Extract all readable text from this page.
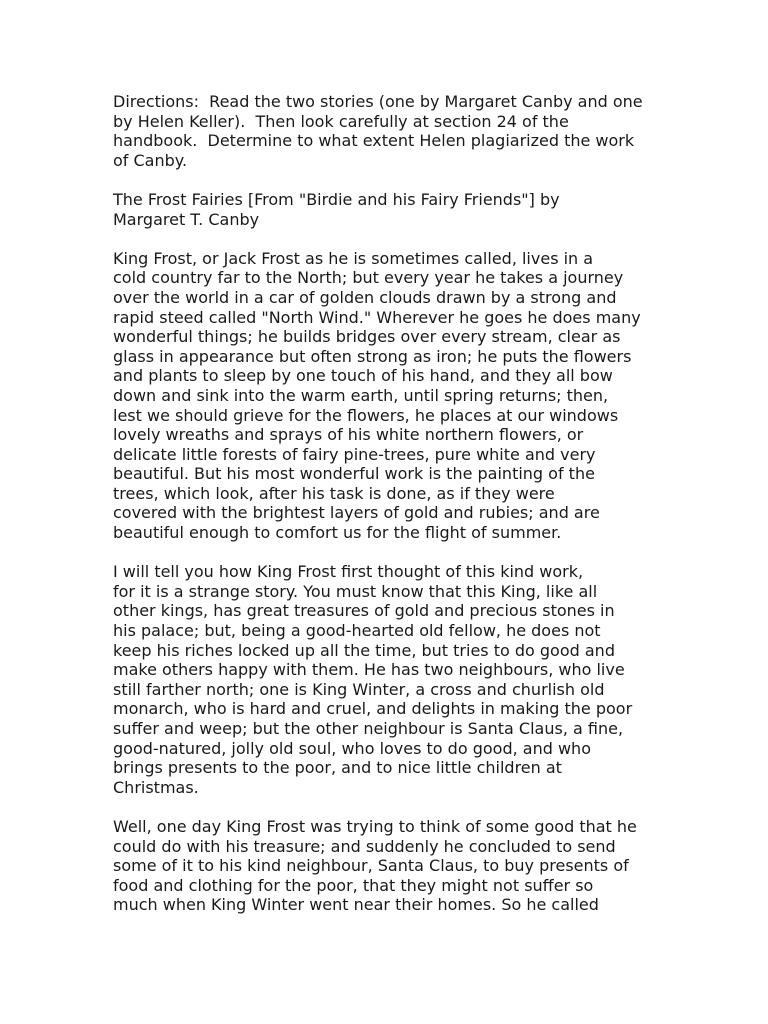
Directions:  Read the two stories (one by Margaret Canby and one
by Helen Keller).  Then look carefully at section 24 of the
handbook.  Determine to what extent Helen plagiarized the work
of Canby.

The Frost Fairies [From "Birdie and his Fairy Friends"] by
Margaret T. Canby

King Frost, or Jack Frost as he is sometimes called, lives in a
cold country far to the North; but every year he takes a journey
over the world in a car of golden clouds drawn by a strong and
rapid steed called "North Wind." Wherever he goes he does many
wonderful things; he builds bridges over every stream, clear as
glass in appearance but often strong as iron; he puts the flowers
and plants to sleep by one touch of his hand, and they all bow
down and sink into the warm earth, until spring returns; then,
lest we should grieve for the flowers, he places at our windows
lovely wreaths and sprays of his white northern flowers, or
delicate little forests of fairy pine-trees, pure white and very
beautiful. But his most wonderful work is the painting of the
trees, which look, after his task is done, as if they were
covered with the brightest layers of gold and rubies; and are
beautiful enough to comfort us for the flight of summer.

I will tell you how King Frost first thought of this kind work,
for it is a strange story. You must know that this King, like all
other kings, has great treasures of gold and precious stones in
his palace; but, being a good-hearted old fellow, he does not
keep his riches locked up all the time, but tries to do good and
make others happy with them. He has two neighbours, who live
still farther north; one is King Winter, a cross and churlish old
monarch, who is hard and cruel, and delights in making the poor
suffer and weep; but the other neighbour is Santa Claus, a fine,
good-natured, jolly old soul, who loves to do good, and who
brings presents to the poor, and to nice little children at
Christmas.

Well, one day King Frost was trying to think of some good that he
could do with his treasure; and suddenly he concluded to send
some of it to his kind neighbour, Santa Claus, to buy presents of
food and clothing for the poor, that they might not suffer so
much when King Winter went near their homes. So he called
